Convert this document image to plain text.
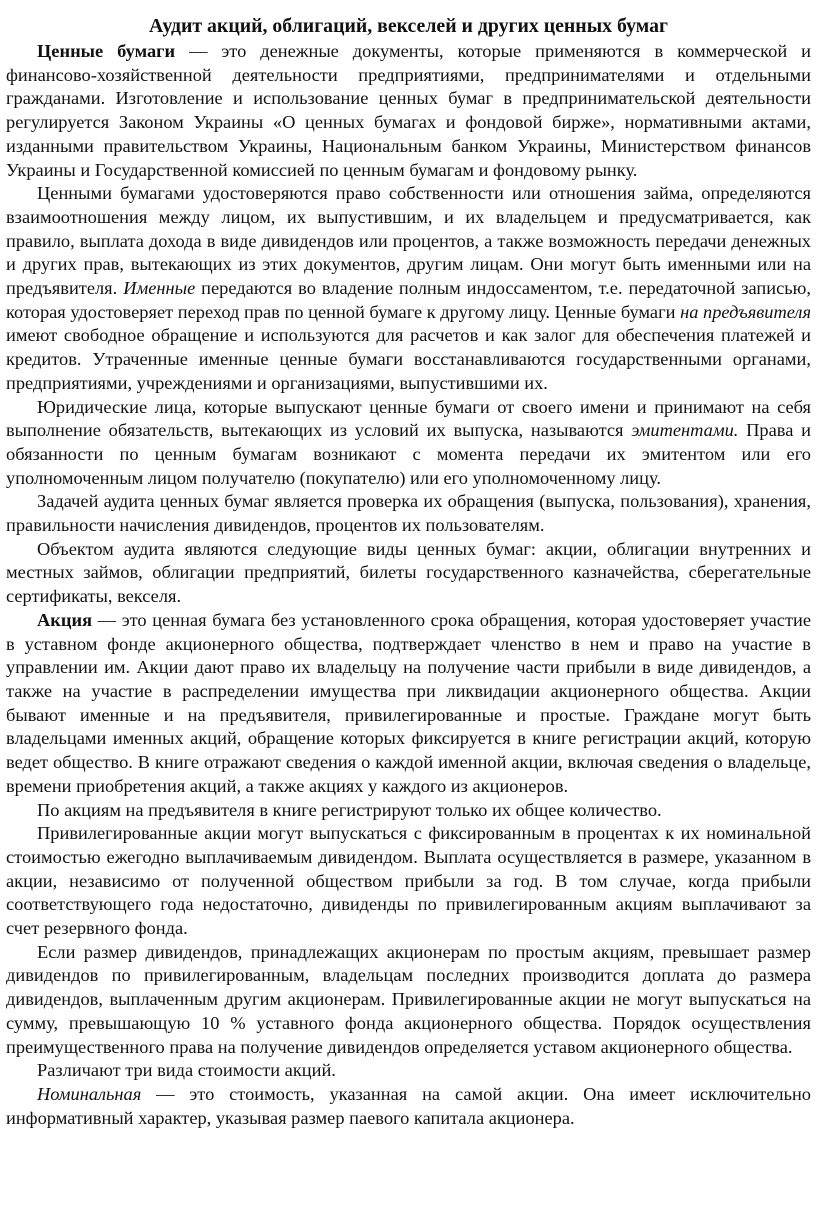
Аудит акций, облигаций, векселей и других ценных бумаг

Ценные бумаги — это денежные документы, которые применяются в коммерческой и финансово-хозяйственной деятельности предприятиями, предпринимателями и отдельными гражданами. Изготовление и использование ценных бумаг в предпринимательской деятельности регулируется Законом Украины «О ценных бумагах и фондовой бирже», нормативными актами, изданными правительством Украины, Национальным банком Украины, Министерством финансов Украины и Государственной комиссией по ценным бумагам и фондовому рынку.

Ценными бумагами удостоверяются право собственности или отношения займа, определяются взаимоотношения между лицом, их выпустившим, и их владельцем и предусматривается, как правило, выплата дохода в виде дивидендов или процентов, а также возможность передачи денежных и других прав, вытекающих из этих документов, другим лицам. Они могут быть именными или на предъявителя. Именные передаются во владение полным индоссаментом, т.е. передаточной записью, которая удостоверяет переход прав по ценной бумаге к другому лицу. Ценные бумаги на предъявителя имеют свободное обращение и используются для расчетов и как залог для обеспечения платежей и кредитов. Утраченные именные ценные бумаги восстанавливаются государственными органами, предприятиями, учреждениями и организациями, выпустившими их.

Юридические лица, которые выпускают ценные бумаги от своего имени и принимают на себя выполнение обязательств, вытекающих из условий их выпуска, называются эмитентами. Права и обязанности по ценным бумагам возникают с момента передачи их эмитентом или его уполномоченным лицом получателю (покупателю) или его уполномоченному лицу.

Задачей аудита ценных бумаг является проверка их обращения (выпуска, пользования), хранения, правильности начисления дивидендов, процентов их пользователям.

Объектом аудита являются следующие виды ценных бумаг: акции, облигации внутренних и местных займов, облигации предприятий, билеты государственного казначейства, сберегательные сертификаты, векселя.

Акция — это ценная бумага без установленного срока обращения, которая удостоверяет участие в уставном фонде акционерного общества, подтверждает членство в нем и право на участие в управлении им. Акции дают право их владельцу на получение части прибыли в виде дивидендов, а также на участие в распределении имущества при ликвидации акционерного общества. Акции бывают именные и на предъявителя, привилегированные и простые. Граждане могут быть владельцами именных акций, обращение которых фиксируется в книге регистрации акций, которую ведет общество. В книге отражают сведения о каждой именной акции, включая сведения о владельце, времени приобретения акций, а также акциях у каждого из акционеров.

По акциям на предъявителя в книге регистрируют только их общее количество.

Привилегированные акции могут выпускаться с фиксированным в процентах к их номинальной стоимостью ежегодно выплачиваемым дивидендом. Выплата осуществляется в размере, указанном в акции, независимо от полученной обществом прибыли за год. В том случае, когда прибыли соответствующего года недостаточно, дивиденды по привилегированным акциям выплачивают за счет резервного фонда.

Если размер дивидендов, принадлежащих акционерам по простым акциям, превышает размер дивидендов по привилегированным, владельцам последних производится доплата до размера дивидендов, выплаченным другим акционерам. Привилегированные акции не могут выпускаться на сумму, превышающую 10 % уставного фонда акционерного общества. Порядок осуществления преимущественного права на получение дивидендов определяется уставом акционерного общества.

Различают три вида стоимости акций.

Номинальная — это стоимость, указанная на самой акции. Она имеет исключительно информативный характер, указывая размер паевого капитала акционера.
